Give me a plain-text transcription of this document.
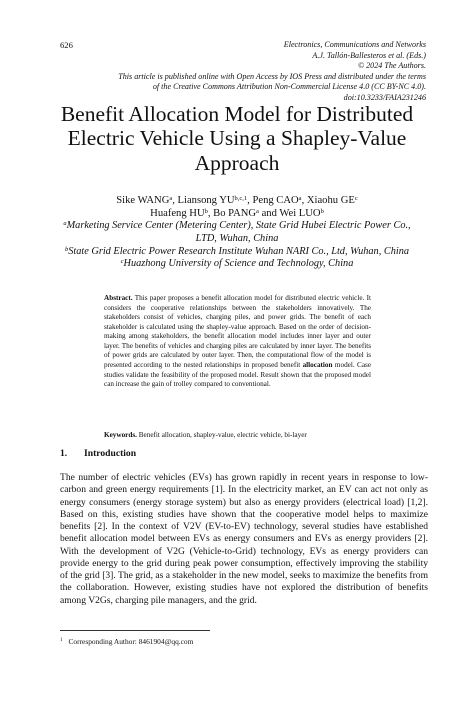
626	Electronics, Communications and Networks
A.J. Tallón-Ballesteros et al. (Eds.)
© 2024 The Authors.
This article is published online with Open Access by IOS Press and distributed under the terms
of the Creative Commons Attribution Non-Commercial License 4.0 (CC BY-NC 4.0).
doi:10.3233/FAIA231246
Benefit Allocation Model for Distributed
Electric Vehicle Using a Shapley-Value
Approach
Sike WANG$^a$, Liansong YU$^{b,c,1}$, Peng CAO$^a$, Xiaohu $GE^c$
Huafeng $HU^b$, Bo PANG$^a$ and Wei LUO$^b$
$^a$Marketing Service Center (Metering Center), State Grid Hubei Electric Power Co.,
LTD, Wuhan, China
$^b$State Grid Electric Power Research Institute Wuhan NARI Co., Ltd, Wuhan, China
$^c$Huazhong University of Science and Technology, China

Abstract. This paper proposes a benefit allocation model for distributed electric vehicle. It considers the cooperative relationships between the stakeholders innovatively. The stakeholders consist of vehicles, charging piles, and power grids. The benefit of each stakeholder is calculated using the shapley-value approach. Based on the order of decision-making among stakeholders, the benefit allocation model includes inner layer and outer layer. The benefits of vehicles and charging piles are calculated by inner layer. The benefits of power grids are calculated by outer layer. Then, the computational flow of the model is presented according to the nested relationships in proposed benefit allocation model. Case studies validate the feasibility of the proposed model. Result shown that the proposed model can increase the gain of trolley compared to conventional.

Keywords. Benefit allocation, shapley-value, electric vehicle, bi-layer
1. Introduction

The number of electric vehicles (EVs) has grown rapidly in recent years in response to low-carbon and green energy requirements [1]. In the electricity market, an EV can act not only as energy consumers (energy storage system) but also as energy providers (electrical load) [1,2]. Based on this, existing studies have shown that the cooperative model helps to maximize benefits [2]. In the context of V2V (EV-to-EV) technology, several studies have established benefit allocation model between EVs as energy consumers and EVs as energy providers [2]. With the development of V2G (Vehicle-to-Grid) technology, EVs as energy providers can provide energy to the grid during peak power consumption, effectively improving the stability of the grid [3]. The grid, as a stakeholder in the new model, seeks to maximize the benefits from the collaboration. However, existing studies have not explored the distribution of benefits among V2Gs, charging pile managers, and the grid.

$^1$ Corresponding Author: 8461904@qq.com
